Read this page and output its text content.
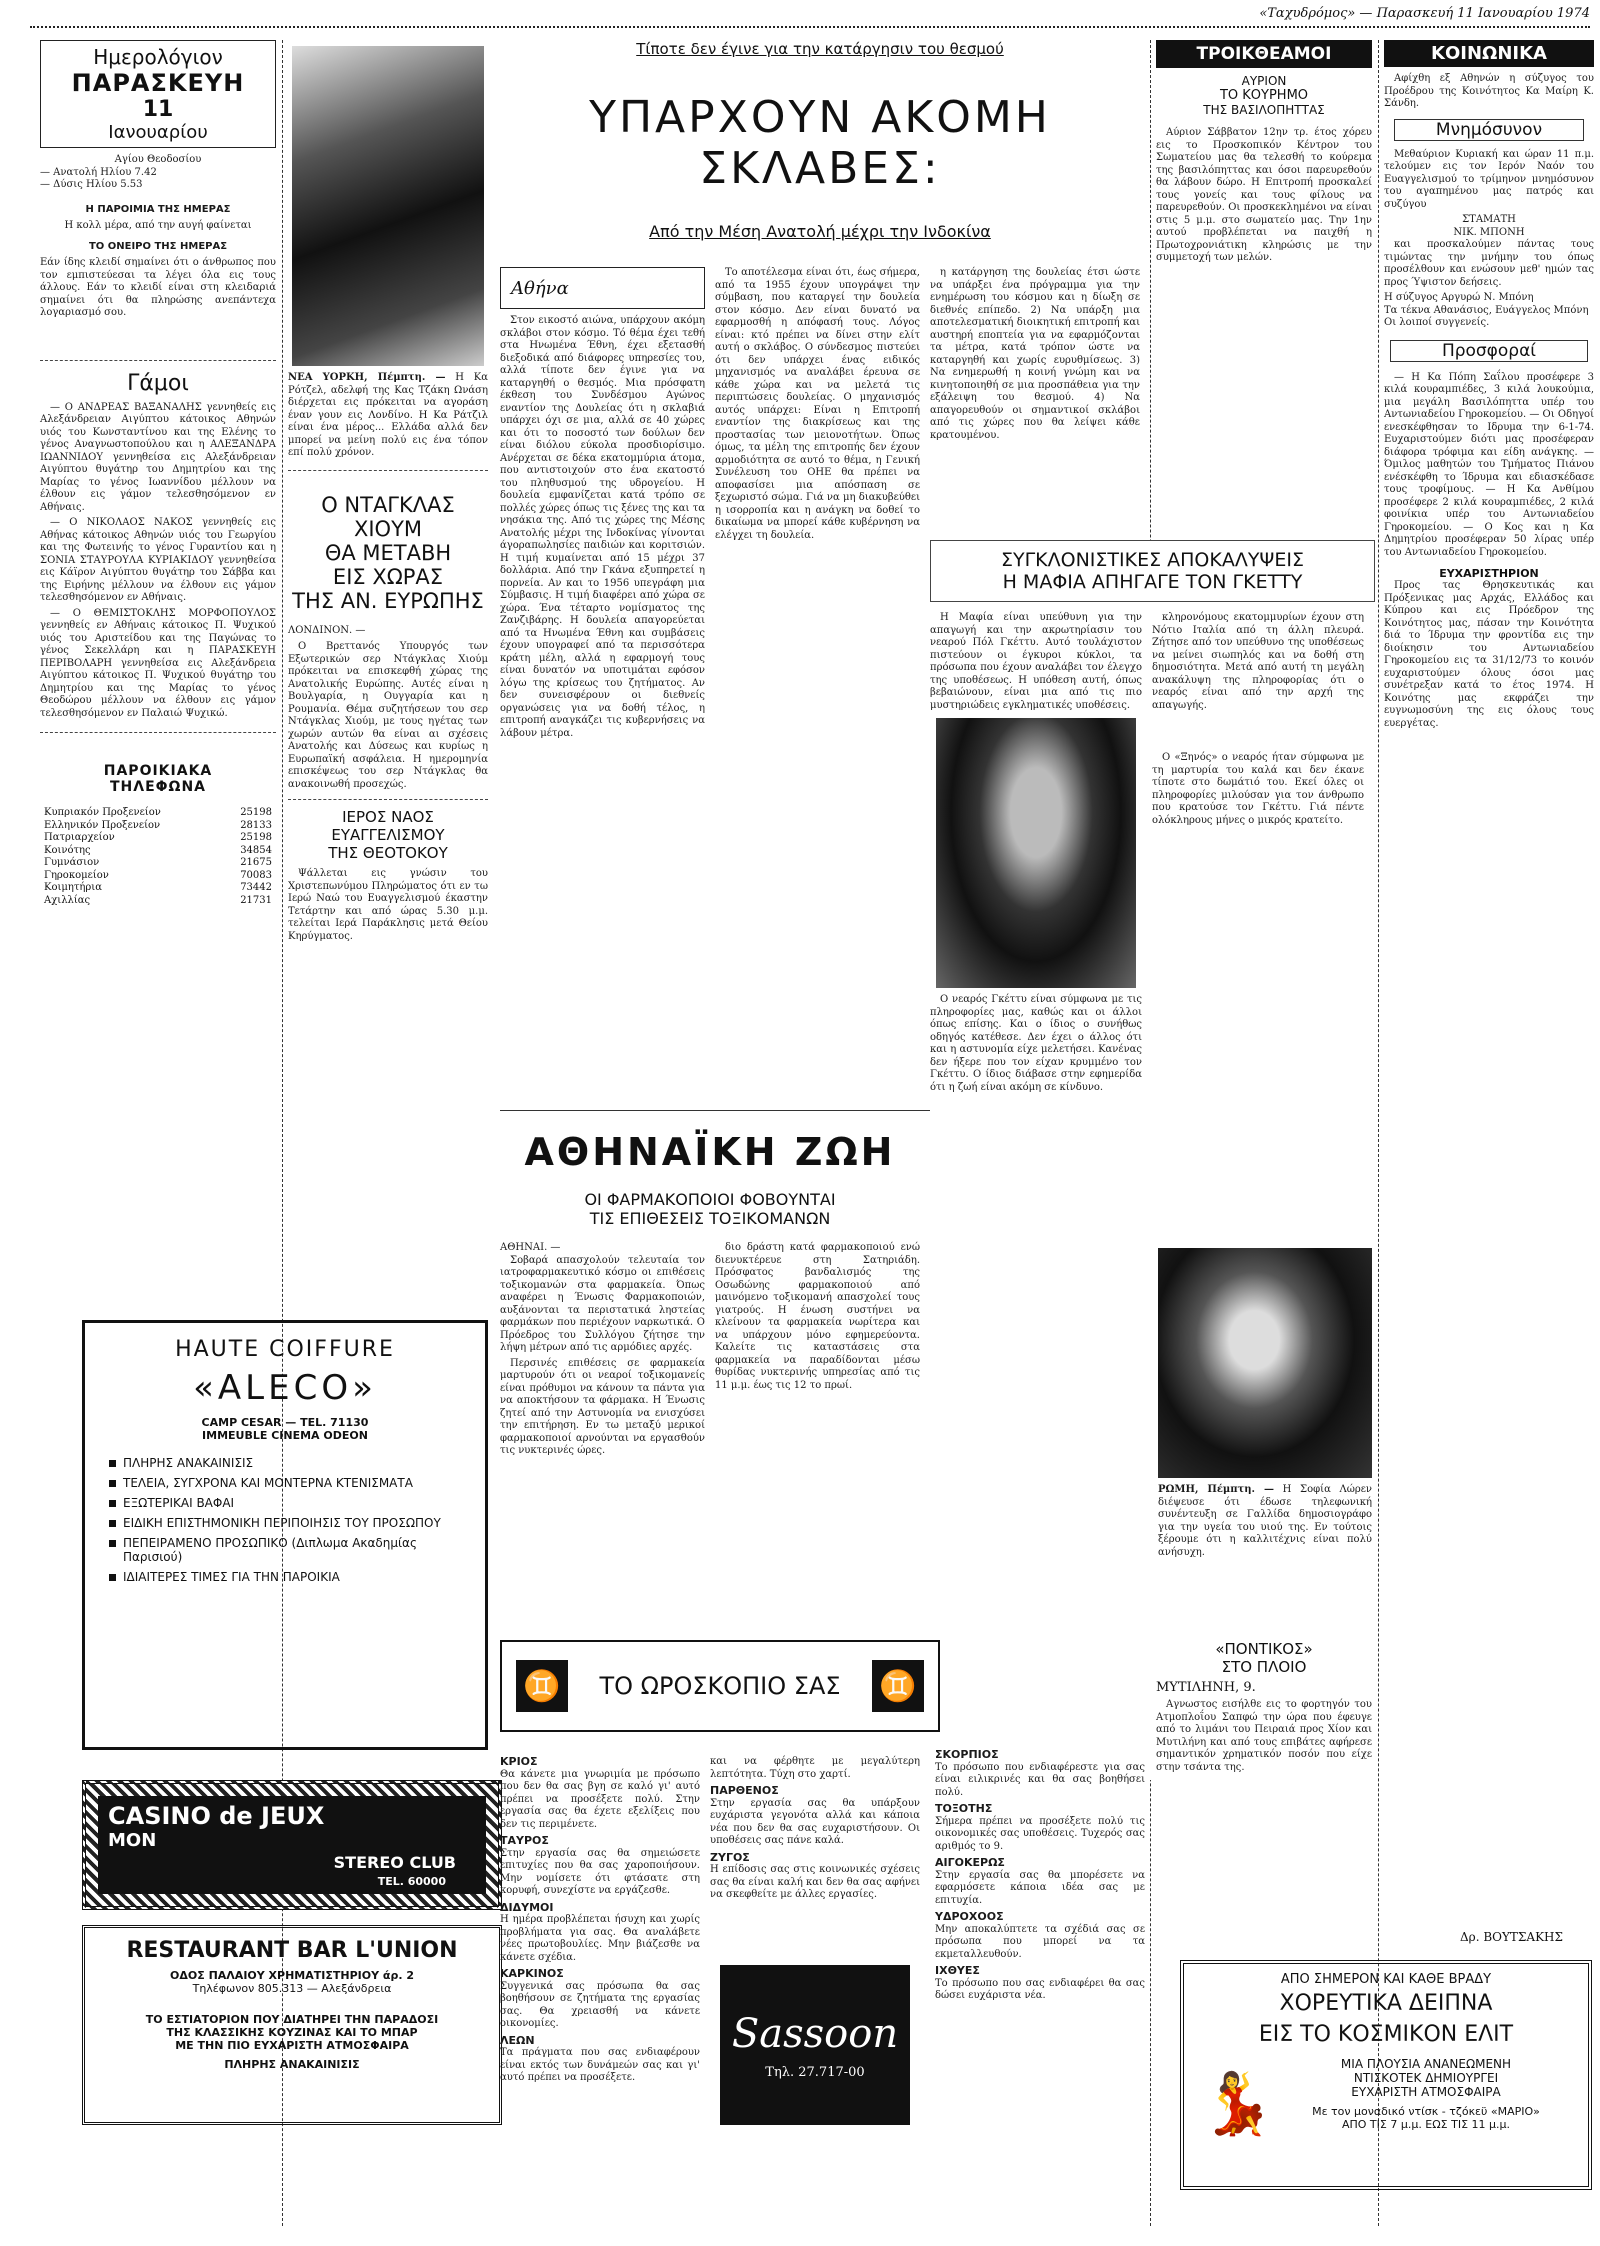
«Ταχυδρόμος» — Παρασκευή 11 Ιανουαρίου 1974
Ημερολόγιον
ΠΑΡΑΣΚΕΥΗ
11
Ιανουαρίου
Αγίου Θεοδοσίου
— Ανατολή Ηλίου 7.42
— Δύσις Ηλίου 5.53
Η ΠΑΡΟΙΜΙΑ ΤΗΣ ΗΜΕΡΑΣ
Η κολλ μέρα, από την αυγή φαίνεται
ΤΟ ΟΝΕΙΡΟ ΤΗΣ ΗΜΕΡΑΣ
Εάν ίδης κλειδί σημαίνει ότι ο άνθρωπος που τον εμπιστεύεσαι τα λέγει όλα εις τους άλλους. Εάν το κλειδί είναι στη κλειδαριά σημαίνει ότι θα πληρώσης ανεπάντεχα λογαριασμό σου.
Γάμοι

— Ο ΑΝΔΡΕΑΣ ΒΑΞΑΝΑΛΗΣ γεννηθείς εις Αλεξάνδρειαν Αιγύπτου κάτοικος Αθηνών υιός του Κωνσταντίνου και της Ελένης το γένος Αναγνωστοπούλου και η ΑΛΕΞΑΝΔΡΑ ΙΩΑΝΝΙΔΟΥ γεννηθείσα εις Αλεξάνδρειαν Αιγύπτου θυγάτηρ του Δημητρίου και της Μαρίας το γένος Ιωαννίδου μέλλουν να έλθουν εις γάμον τελεσθησόμενον εν Αθήναις.

— Ο ΝΙΚΟΛΑΟΣ ΝΑΚΟΣ γεννηθείς εις Αθήνας κάτοικος Αθηνών υιός του Γεωργίου και της Φωτεινής το γένος Γυραντίου και η ΣΟΝΙΑ ΣΤΑΥΡΟΥΛΑ ΚΥΡΙΑΚΙΔΟΥ γεννηθείσα εις Κάϊρον Αιγύπτου θυγάτηρ του Σάββα και της Ειρήνης μέλλουν να έλθουν εις γάμον τελεσθησόμενον εν Αθήναις.

— Ο ΘΕΜΙΣΤΟΚΛΗΣ ΜΟΡΦΟΠΟΥΛΟΣ γεννηθείς εν Αθήναις κάτοικος Π. Ψυχικού υιός του Αριστείδου και της Παγώνας το γένος Σεκελλάρη και η ΠΑΡΑΣΚΕΥΗ ΠΕΡΙΒΟΛΑΡΗ γεννηθείσα εις Αλεξάνδρεια Αιγύπτου κάτοικος Π. Ψυχικού θυγάτηρ του Δημητρίου και της Μαρίας το γένος Θεοδώρου μέλλουν να έλθουν εις γάμον τελεσθησόμενον εν Παλαιώ Ψυχικώ.

ΠΑΡΟΙΚΙΑΚΑ ΤΗΛΕΦΩΝΑ
Κυπριακόν Προξενείον	25198
Ελληνικόν Προξενείον	28133
Πατριαρχείον	25198
Κοινότης	34854
Γυμνάσιον	21675
Γηροκομείον	70083
Κοιμητήρια	73442
Αχιλλίας	21731
HAUTE COIFFURE
«ALECO»
CAMP CESAR — TEL. 71130
IMMEUBLE CINEMA ODEON
ΠΛΗΡΗΣ ΑΝΑΚΑΙΝΙΣΙΣ
ΤΕΛΕΙΑ, ΣΥΓΧΡΟΝΑ ΚΑΙ ΜΟΝΤΕΡΝΑ ΚΤΕΝΙΣΜΑΤΑ
ΕΞΩΤΕΡΙΚΑΙ ΒΑΦΑΙ
ΕΙΔΙΚΗ ΕΠΙΣΤΗΜΟΝΙΚΗ ΠΕΡΙΠΟΙΗΣΙΣ ΤΟΥ ΠΡΟΣΩΠΟΥ
ΠΕΠΕΙΡΑΜΕΝΟ ΠΡΟΣΩΠΙΚΟ (Διπλωμα Ακαδημίας Παρισιού)
ΙΔΙΑΙΤΕΡΕΣ ΤΙΜΕΣ ΓΙΑ ΤΗΝ ΠΑΡΟΙΚΙΑ
CASINO de JEUX
MON
STEREO CLUB
TEL. 60000
RESTAURANT BAR L'UNION
ΟΔΟΣ ΠΑΛΑΙΟΥ ΧΡΗΜΑΤΙΣΤΗΡΙΟΥ άρ. 2
Τηλέφωνον 805.313 — Αλεξάνδρεια
ΤΟ ΕΣΤΙΑΤΟΡΙΟΝ ΠΟΥ ΔΙΑΤΗΡΕΙ ΤΗΝ ΠΑΡΑΔΟΣΙ
ΤΗΣ ΚΛΑΣΣΙΚΗΣ ΚΟΥΖΙΝΑΣ ΚΑΙ ΤΟ ΜΠΑΡ
ΜΕ ΤΗΝ ΠΙΟ ΕΥΧΑΡΙΣΤΗ ΑΤΜΟΣΦΑΙΡΑ
ΠΛΗΡΗΣ ΑΝΑΚΑΙΝΙΣΙΣ
ΝΕΑ ΥΟΡΚΗ, Πέμπτη. — Η Κα Ρότζελ, αδελφή της Κας Τζάκη Ωνάση διέρχεται εις πρόκειται να αγοράση έναν γουν εις Λονδίνο. Η Κα Ράτζιλ είναι ένα μέρος... Ελλάδα αλλά δεν μπορεί να μείνη πολύ εις ένα τόπον επί πολύ χρόνον.
Ο ΝΤΑΓΚΛΑΣ
ΧΙΟΥΜ
ΘΑ ΜΕΤΑΒΗ
ΕΙΣ ΧΩΡΑΣ
ΤΗΣ ΑΝ. ΕΥΡΩΠΗΣ
ΛΟΝΔΙΝΟΝ. —

Ο Βρεττανός Υπουργός των Εξωτερικών σερ Ντάγκλας Χιούμ πρόκειται να επισκεφθή χώρας της Ανατολικής Ευρώπης. Αυτές είναι η Βουλγαρία, η Ουγγαρία και η Ρουμανία. Θέμα συζητήσεων του σερ Ντάγκλας Χιούμ, με τους ηγέτας των χωρών αυτών θα είναι αι σχέσεις Ανατολής και Δύσεως και κυρίως η Ευρωπαϊκή ασφάλεια. Η ημερομηνία επισκέψεως του σερ Ντάγκλας θα ανακοινωθή προσεχώς.

ΙΕΡΟΣ ΝΑΟΣ
ΕΥΑΓΓΕΛΙΣΜΟΥ
ΤΗΣ ΘΕΟΤΟΚΟΥ

Ψάλλεται εις γνώσιν του Χριστεπωνύμου Πληρώματος ότι εν τω Ιερώ Ναώ του Ευαγγελισμού έκαστην Τετάρτην και από ώρας 5.30 μ.μ. τελείται Ιερά Παράκλησις μετά Θείου Κηρύγματος.

Τίποτε δεν έγινε για την κατάργησιν του θεσμού
ΥΠΑΡΧΟΥΝ ΑΚΟΜΗ ΣΚΛΑΒΕΣ:
Από την Μέση Ανατολή μέχρι την Ινδοκίνα
Αθήνα

Στον εικοστό αιώνα, υπάρχουν ακόμη σκλάβοι στον κόσμο. Τό θέμα έχει τεθή στα Ηνωμένα Έθνη, έχει εξετασθή διεξοδικά από διάφορες υπηρεσίες του, αλλά τίποτε δεν έγινε για να καταργηθή ο θεσμός. Μια πρόσφατη έκθεση του Συνδέσμου Αγώνος εναντίον της Δουλείας ότι η σκλαβιά υπάρχει όχι σε μια, αλλά σε 40 χώρες και ότι το ποσοστό των δούλων δεν είναι διόλου εύκολα προσδιορίσιμο. Ανέρχεται σε δέκα εκατομμύρια άτομα, που αντιστοιχούν στο ένα εκατοστό του πληθυσμού της υδρογείου. Η δουλεία εμφανίζεται κατά τρόπο σε πολλές χώρες όπως τις ξένες της και τα νησάκια της. Από τις χώρες της Μέσης Ανατολής μέχρι της Ινδοκίνας γίνονται άγοραπωλησίες παιδιών και κοριτσιών. Η τιμή κυμαίνεται από 15 μέχρι 37 δολλάρια. Από την Γκάνα εξυπηρετεί η πορνεία. Αν και το 1956 υπεγράφη μια Σύμβασις. Η τιμή διαφέρει από χώρα σε χώρα. Ένα τέταρτο νομίσματος της Ζανζιβάρης. Η δουλεία απαγορεύεται από τα Ηνωμένα Έθνη και συμβάσεις έχουν υπογραφεί από τα περισσότερα κράτη μέλη, αλλά η εφαρμογή τους είναι δυνατόν να υποτιμάται εφόσον λόγω της κρίσεως του ζητήματος. Αν δεν συνεισφέρουν οι διεθνείς οργανώσεις για να δοθή τέλος, η επιτροπή αναγκάζει τις κυβερνήσεις να λάβουν μέτρα.

Το αποτέλεσμα είναι ότι, έως σήμερα, από τα 1955 έχουν υπογράψει την σύμβαση, που καταργεί την δουλεία στον κόσμο. Δεν είναι δυνατό να εφαρμοσθή η απόφασή τους. Λόγος είναι: κτό πρέπει να δίνει στην ελίτ αυτή ο σκλάβος. Ο σύνδεσμος πιστεύει ότι δεν υπάρχει ένας ειδικός μηχανισμός να αναλάβει έρευνα σε κάθε χώρα και να μελετά τις περιπτώσεις δουλείας. Ο μηχανισμός αυτός υπάρχει: Είναι η Επιτροπή εναντίον της διακρίσεως και της προστασίας των μειονοτήτων. Όπως όμως, τα μέλη της επιτροπής δεν έχουν αρμοδιότητα σε αυτό το θέμα, η Γενική Συνέλευση του ΟΗΕ θα πρέπει να αποφασίσει μια απόσπαση σε ξεχωριστό σώμα. Γιά να μη διακυβεύθει η ισορροπία και η ανάγκη να δοθεί το δικαίωμα να μπορεί κάθε κυβέρνηση να ελέγχει τη δουλεία.

η κατάργηση της δουλείας έτσι ώστε να υπάρξει ένα πρόγραμμα για την ενημέρωση του κόσμου και η δίωξη σε διεθνές επίπεδο. 2) Να υπάρξη μια αποτελεσματική διοικητική επιτροπή και αυστηρή εποπτεία για να εφαρμόζονται τα μέτρα, κατά τρόπον ώστε να καταργηθή και χωρίς ευρυθμίσεως. 3) Να ενημερωθή η κοινή γνώμη και να κινητοποιηθή σε μια προσπάθεια για την εξάλειψη του θεσμού. 4) Να απαγορευθούν οι σημαντικοί σκλάβοι από τις χώρες που θα λείψει κάθε κρατουμένου.

ΣΥΓΚΛΟΝΙΣΤΙΚΕΣ ΑΠΟΚΑΛΥΨΕΙΣ
Η ΜΑΦΙΑ ΑΠΗΓΑΓΕ ΤΟΝ ΓΚΕΤΤΥ

Η Μαφία είναι υπεύθυνη για την απαγωγή και την ακρωτηρίασιν του νεαρού Πόλ Γκέττυ. Αυτό τουλάχιστον πιστεύουν οι έγκυροι κύκλοι, τα πρόσωπα που έχουν αναλάβει τον έλεγχο της υποθέσεως. Η υπόθεση αυτή, όπως βεβαιώνουν, είναι μια από τις πιο μυστηριώδεις εγκληματικές υποθέσεις.

Ο νεαρός Γκέττυ είναι σύμφωνα με τις πληροφορίες μας, καθώς και οι άλλοι όπως επίσης. Και ο ίδιος ο συνήθως οδηγός κατέθεσε. Δεν έχει ο άλλος ότι και η αστυνομία είχε μελετήσει. Κανένας δεν ήξερε που τον είχαν κρυμμένο τον Γκέττυ. Ο ίδιος διάβασε στην εφημερίδα ότι η ζωή είναι ακόμη σε κίνδυνο.

κληρονόμους εκατομμυρίων έχουν στη Νότιο Ιταλία από τη άλλη πλευρά. Ζήτησε από τον υπεύθυνο της υποθέσεως να μείνει σιωπηλός και να δοθή στη δημοσιότητα. Μετά από αυτή τη μεγάλη ανακάλυψη της πληροφορίας ότι ο νεαρός είναι από την αρχή της απαγωγής.

Ο «Ξηνός» ο νεαρός ήταν σύμφωνα με τη μαρτυρία του καλά και δεν έκανε τίποτε στο δωμάτιό του. Εκεί όλες οι πληροφορίες μιλούσαν για τον άνθρωπο που κρατούσε τον Γκέττυ. Γιά πέντε ολόκληρους μήνες ο μικρός κρατείτο.

ΡΩΜΗ, Πέμπτη. — Η Σοφία Λώρεν διέψευσε ότι έδωσε τηλεφωνική συνέντευξη σε Γαλλίδα δημοσιογράφο για την υγεία του υιού της. Εν τούτοις ξέρουμε ότι η καλλιτέχνις είναι πολύ ανήσυχη.
ΑΘΗΝΑΪΚΗ ΖΩΗ
ΟΙ ΦΑΡΜΑΚΟΠΟΙΟΙ ΦΟΒΟΥΝΤΑΙ
ΤΙΣ ΕΠΙΘΕΣΕΙΣ ΤΟΞΙΚΟΜΑΝΩΝ
ΑΘΗΝΑΙ. —

Σοβαρά απασχολούν τελευταία τον ιατροφαρμακευτικό κόσμο οι επιθέσεις τοξικομανών στα φαρμακεία. Όπως αναφέρει η Ένωσις Φαρμακοποιών, αυξάνονται τα περιστατικά ληστείας φαρμάκων που περιέχουν ναρκωτικά. Ο Πρόεδρος του Συλλόγου ζήτησε την λήψη μέτρων από τις αρμόδιες αρχές.

Περσινές επιθέσεις σε φαρμακεία μαρτυρούν ότι οι νεαροί τοξικομανείς είναι πρόθυμοι να κάνουν τα πάντα για να αποκτήσουν τα φάρμακα. Η Ένωσις ζητεί από την Αστυνομία να ενισχύσει την επιτήρηση. Εν τω μεταξύ μερικοί φαρμακοποιοί αρνούνται να εργασθούν τις νυκτερινές ώρες.

διο δράστη κατά φαρμακοποιού ενώ διενυκτέρευε στη Σατηριάδη. Πρόσφατος βανδαλισμός της Οσωδώνης φαρμακοποιού από μαινόμενο τοξικομανή απασχολεί τους γιατρούς. Η ένωση συστήνει να κλείνουν τα φαρμακεία νωρίτερα και να υπάρχουν μόνο εφημερεύοντα. Καλείτε τις καταστάσεις στα φαρμακεία να παραδίδονται μέσω θυρίδας νυκτερινής υπηρεσίας από τις 11 μ.μ. έως τις 12 το πρωί.

♊	ΤΟ ΩΡΟΣΚΟΠΙΟ ΣΑΣ ♊
ΚΡΙΟΣ
Θα κάνετε μια γνωριμία με πρόσωπο που δεν θα σας βγη σε καλό γι' αυτό πρέπει να προσέξετε πολύ. Στην εργασία σας θα έχετε εξελίξεις που δεν τις περιμένετε.
ΤΑΥΡΟΣ
Στην εργασία σας θα σημειώσετε επιτυχίες που θα σας χαροποιήσουν. Μην νομίσετε ότι φτάσατε στη κορυφή, συνεχίστε να εργάζεσθε.
ΔΙΔΥΜΟΙ
Η ημέρα προβλέπεται ήσυχη και χωρίς προβλήματα για σας. Θα αναλάβετε νέες πρωτοβουλίες. Μην βιάζεσθε να κάνετε σχέδια.
ΚΑΡΚΙΝΟΣ
Συγγενικά σας πρόσωπα θα σας βοηθήσουν σε ζητήματα της εργασίας σας. Θα χρειασθή να κάνετε οικονομίες.
ΛΕΩΝ
Τα πράγματα που σας ενδιαφέρουν είναι εκτός των δυνάμεών σας και γι' αυτό πρέπει να προσέξετε.
και να φέρθητε με μεγαλύτερη λεπτότητα. Τύχη στο χαρτί.
ΠΑΡΘΕΝΟΣ
Στην εργασία σας θα υπάρξουν ευχάριστα γεγονότα αλλά και κάποια νέα που δεν θα σας ευχαριστήσουν. Οι υποθέσεις σας πάνε καλά.
ΖΥΓΟΣ
Η επίδοσις σας στις κοινωνικές σχέσεις σας θα είναι καλή και δεν θα σας αφήνει να σκεφθείτε με άλλες εργασίες.
Sassoon
Τηλ. 27.717-00
ΣΚΟΡΠΙΟΣ
Το πρόσωπο που ενδιαφέρεστε για σας είναι ειλικρινές και θα σας βοηθήσει πολύ.
ΤΟΞΟΤΗΣ
Σήμερα πρέπει να προσέξετε πολύ τις οικονομικές σας υποθέσεις. Τυχερός σας αριθμός το 9.
ΑΙΓΟΚΕΡΩΣ
Στην εργασία σας θα μπορέσετε να εφαρμόσετε κάποια ιδέα σας με επιτυχία.
ΥΔΡΟΧΟΟΣ
Μην αποκαλύπτετε τα σχέδιά σας σε πρόσωπα που μπορεί να τα εκμεταλλευθούν.
ΙΧΘΥΕΣ
Το πρόσωπο που σας ενδιαφέρει θα σας δώσει ευχάριστα νέα.
ΤΡΟΙΚΘΕΑΜΟΙ
ΑΥΡΙΟΝ
ΤΟ ΚΟΥΡΗΜΟ
ΤΗΣ ΒΑΣΙΛΟΠΗΤΤΑΣ

Αύριον Σάββατον 12ην τρ. έτος χόρευ εις το Προσκοπικόν Κέντρον του Σωματείου μας θα τελεσθή το κούρεμα της βασιλόπηττας και όσοι παρευρεθούν θα λάβουν δώρο. Η Επιτροπή προσκαλεί τους γονείς και τους φίλους να παρευρεθούν. Οι προσκεκλημένοι να είναι στις 5 μ.μ. στο σωματείο μας. Την 1ην αυτού προβλέπεται να παιχθή η Πρωτοχρονιάτικη κληρώσις με την συμμετοχή των μελών.

«ΠΟΝΤΙΚΟΣ»
ΣΤΟ ΠΛΟΙΟ
ΜΥΤΙΛΗΝΗ, 9.

Αγνωστος εισήλθε εις το φορτηγόν του Ατμοπλοΐου Σαπφώ την ώρα που έφευγε από το λιμάνι του Πειραιά προς Χίον και Μυτιλήνη και από τους επιβάτες αφήρεσε σημαντικόν χρηματικόν ποσόν που είχε στην τσάντα της.

ΚΟΙΝΩΝΙΚΑ

Αφίχθη εξ Αθηνών η σύζυγος του Προέδρου της Κοινότητος Κα Μαίρη Κ. Σάνδη.

Μνημόσυνον

Μεθαύριον Κυριακή και ώραν 11 π.μ. τελούμεν εις τον Ιερόν Ναόν του Ευαγγελισμού το τρίμηνον μνημόσυνον του αγαπημένου μας πατρός και συζύγου

ΣΤΑΜΑΤΗ
ΝΙΚ. ΜΠΟΝΗ

και προσκαλούμεν πάντας τους τιμώντας την μνήμην του όπως προσέλθουν και ενώσουν μεθ' ημών τας προς Ύψιστον δεήσεις.

Η σύζυγος Αργυρώ Ν. Μπόνη
Τα τέκνα Αθανάσιος, Ευάγγελος Μπόνη
Οι λοιποί συγγενείς.
Προσφοραί

— Η Κα Πόπη Σαΐλου προσέφερε 3 κιλά κουραμπιέδες, 3 κιλά λουκούμια, μια μεγάλη Βασιλόπηττα υπέρ του Αντωνιαδείου Γηροκομείου. — Οι Οδηγοί ενεσκέφθησαν το Ιδρυμα την 6-1-74. Ευχαριστούμεν διότι μας προσέφεραν διάφορα τρόφιμα και είδη ανάγκης. — Όμιλος μαθητών του Τμήματος Πιάνου ενέσκέφθη το Ίδρυμα και εδιασκέδασε τους τροφίμους. — Η Κα Ανθίμου προσέφερε 2 κιλά κουραμπιέδες, 2 κιλά φοινίκια υπέρ του Αντωνιαδείου Γηροκομείου. — Ο Κος και η Κα Δημητρίου προσέφεραν 50 λίρας υπέρ του Αντωνιαδείου Γηροκομείου.

ΕΥΧΑΡΙΣΤΗΡΙΟΝ

Προς τας Θρησκευτικάς και Πρόξενικας μας Αρχάς, Ελλάδος και Κύπρου και εις Πρόεδρον της Κοινότητος μας, πάσαν την Κοινότητα διά το Ίδρυμα την φροντίδα εις την διοίκησιν του Αντωνιαδείου Γηροκομείου εις τα 31/12/73 το κοινόν ευχαριστούμεν όλους όσοι μας συνέτρεξαν κατά το έτος 1974. Η Κοινότης μας εκφράζει την ευγνωμοσύνη της εις όλους τους ευεργέτας.

Δρ. ΒΟΥΤΣΑΚΗΣ
ΑΠΟ ΣΗΜΕΡΟΝ ΚΑΙ ΚΑΘΕ ΒΡΑΔΥ
ΧΟΡΕΥΤΙΚΑ ΔΕΙΠΝΑ
ΕΙΣ ΤΟ ΚΟΣΜΙΚΟΝ ΕΛΙΤ
💃
ΜΙΑ ΠΛΟΥΣΙΑ ΑΝΑΝΕΩΜΕΝΗ
ΝΤΙΣΚΟΤΕΚ ΔΗΜΙΟΥΡΓΕΙ
ΕΥΧΑΡΙΣΤΗ ΑΤΜΟΣΦΑΙΡΑ
Με τον μοναδικό ντίσκ - τζόκεϋ «ΜΑΡΙΟ»
ΑΠΟ ΤΙΣ 7 μ.μ. ΕΩΣ ΤΙΣ 11 μ.μ.
